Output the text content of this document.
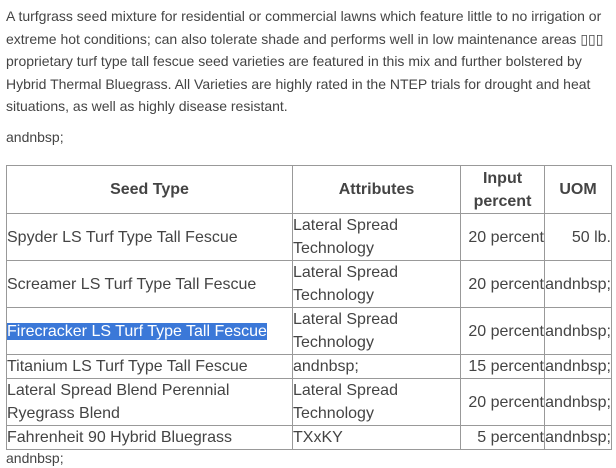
A turfgrass seed mixture for residential or commercial lawns which feature little to no irrigation or extreme hot conditions; can also tolerate shade and performs well in low maintenance areas ▯▯▯ proprietary turf type tall fescue seed varieties are featured in this mix and further bolstered by Hybrid Thermal Bluegrass. All Varieties are highly rated in the NTEP trials for drought and heat situations, as well as highly disease resistant.

andnbsp;

Seed Type	Attributes	Input percent	UOM
Spyder LS Turf Type Tall Fescue	Lateral Spread Technology	20 percent	50 lb.
Screamer LS Turf Type Tall Fescue	Lateral Spread Technology	20 percent	andnbsp;
Firecracker LS Turf Type Tall Fescue	Lateral Spread Technology	20 percent	andnbsp;
Titanium LS Turf Type Tall Fescue	andnbsp;	15 percent	andnbsp;
Lateral Spread Blend Perennial Ryegrass Blend	Lateral Spread Technology	20 percent	andnbsp;
Fahrenheit 90 Hybrid Bluegrass	TXxKY	5 percent	andnbsp;

andnbsp;
